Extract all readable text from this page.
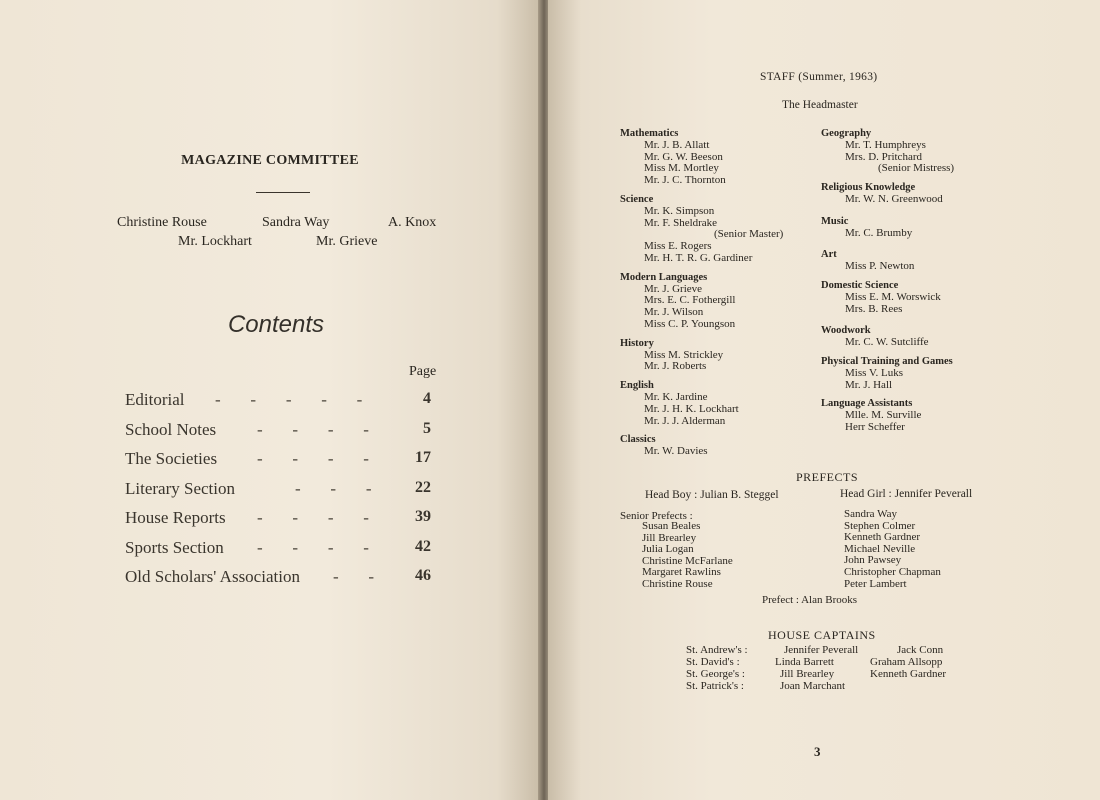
MAGAZINE COMMITTEE
Christine Rouse	Sandra Way	A. Knox
Mr. Lockhart	Mr. Grieve
Contents
Page
Editorial -       -       -       -       -	4
School Notes -       -       -       -	5
The Societies -       -       -       -	17
Literary Section	-       -       -	22
House Reports -       -       -       -	39
Sports Section -       -       -       -	42
Old Scholars' Association -       -	46
STAFF (Summer, 1963)
The Headmaster
Mathematics
Mr. J. B. Allatt
Mr. G. W. Beeson
Miss M. Mortley
Mr. J. C. Thornton
Science
Mr. K. Simpson
Mr. F. Sheldrake
(Senior Master)
Miss E. Rogers
Mr. H. T. R. G. Gardiner
Modern Languages
Mr. J. Grieve
Mrs. E. C. Fothergill
Mr. J. Wilson
Miss C. P. Youngson
History
Miss M. Strickley
Mr. J. Roberts
English
Mr. K. Jardine
Mr. J. H. K. Lockhart
Mr. J. J. Alderman
Classics
Mr. W. Davies
Geography
Mr. T. Humphreys
Mrs. D. Pritchard
(Senior Mistress)
Religious Knowledge
Mr. W. N. Greenwood
Music
Mr. C. Brumby
Art
Miss P. Newton
Domestic Science
Miss E. M. Worswick
Mrs. B. Rees
Woodwork
Mr. C. W. Sutcliffe
Physical Training and Games
Miss V. Luks
Mr. J. Hall
Language Assistants
Mlle. M. Surville
Herr Scheffer
PREFECTS
Head Boy : Julian B. Steggel	Head Girl : Jennifer Peverall
Senior Prefects :
Susan Beales
Jill Brearley
Julia Logan
Christine McFarlane
Margaret Rawlins
Christine Rouse
Sandra Way
Stephen Colmer
Kenneth Gardner
Michael Neville
John Pawsey
Christopher Chapman
Peter Lambert
Prefect : Alan Brooks
HOUSE CAPTAINS
St. Andrew's :	Jennifer Peverall	Jack Conn
St. David's :	Linda Barrett	Graham Allsopp
St. George's :	Jill Brearley	Kenneth Gardner
St. Patrick's :	Joan Marchant
3
